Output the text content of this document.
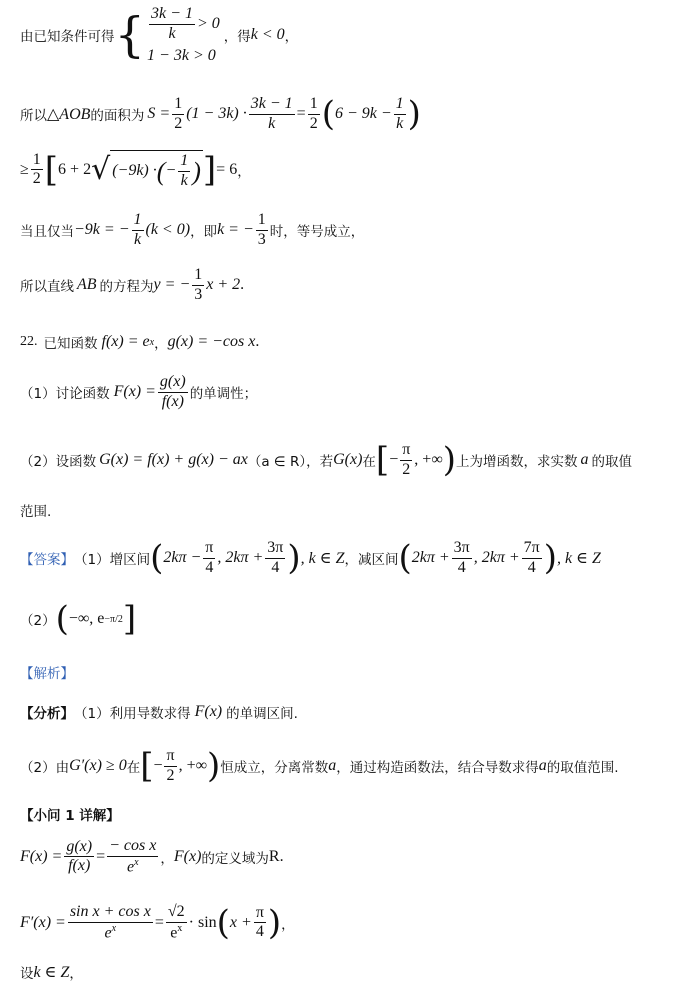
由已知条件可得 { $\frac{3k - 1}{k} > 0$
1 − 3k > 0
，得 k < 0 ，
所以 △AOB 的面积为 $S = \frac{1}{2} (1 - 3k) \cdot \frac{3k - 1}{k} = \frac{1}{2}$ ( $6 - 9k - \frac{1}{k}$ )
≥ $\frac{1}{2}$ [ 6 + 2 √ (−9k) · ( − $\frac{1}{k}$ ) ] = 6 ，
当且仅当 −9k = − $\frac{1}{k} (k < 0)$ ，即 k = − $\frac{1}{3}$ 时，等号成立，
所以直线 AB 的方程为 y = − $\frac{1}{3}$ x + 2 .
22. 已知函数 f(x) = e x ， g(x) = −cos x .
（1）讨论函数 $F(x) = \frac{g(x)}{f(x)}$ 的单调性；
（2）设函数 G(x) = f(x) + g(x) − ax （a ∈ R），若 G(x) 在 [ − $\frac{\pi}{2}$ , +∞ ) 上为增函数，求实数 a 的取值
范围.
【答案】 （1）增区间 ( $2k\pi - \frac{\pi}{4}$ , $2k\pi + \frac{3\pi}{4}$ ) , k ∈ Z ，减区间 ( $2k\pi + \frac{3\pi}{4}$ , $2k\pi + \frac{7\pi}{4}$ ) , k ∈ Z
（2） ( −∞, e −π/2 ]
【解析】
【分析】 （1）利用导数求得 F(x) 的单调区间.
（2）由 G′(x) ≥ 0 在 [ − $\frac{\pi}{2}$ , +∞ ) 恒成立，分离常数 a ，通过构造函数法，结合导数求得 a 的取值范围.
【小问 1 详解】
$F(x) = \frac{g(x)}{f(x)} = \frac{\text{− cos x}}{e^x}$ ， F(x) 的定义域为 R .
$F'(x) = \frac{\text{sin x + cos x}}{e^x} = \frac{√2}{e^x} \cdot \sin$ ( $x + \frac{\pi}{4}$ ) ，
设 k ∈ Z ，
